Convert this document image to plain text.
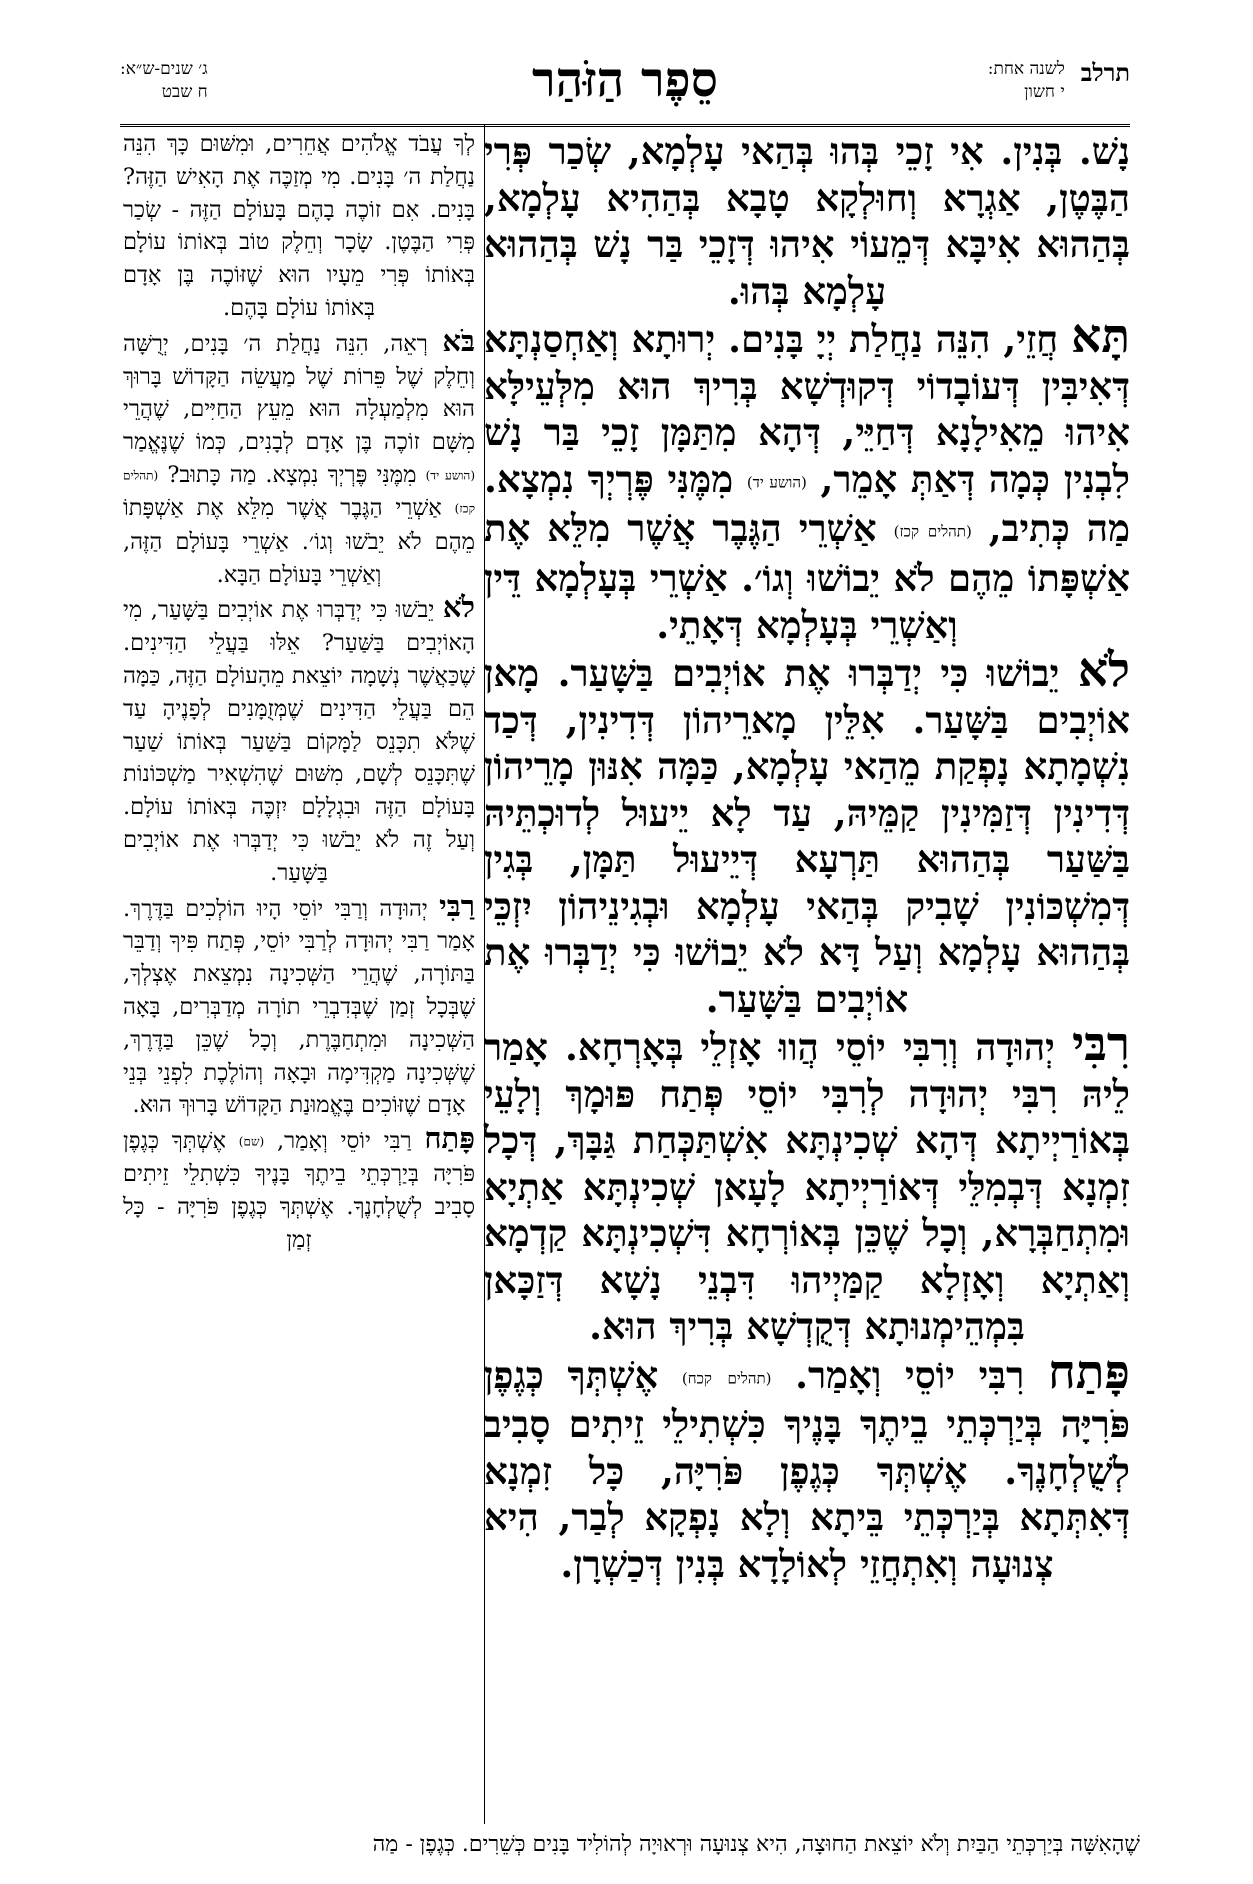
תרלב
לשנה אחת:
י חשון
סֵפֶר הַזֹּהַר
ג׳ שנים-ש״א:
ח שבט

נָשׁ. בְּנִין. אִי זָכֵי בְּהוּ בְּהַאי עָלְמָא, שְׂכַר פְּרִי הַבֶּטֶן, אַגְרָא וְחוּלְקָא טָבָא בְּהַהִיא עָלְמָא, בְּהַהוּא אִיבָּא דְּמֵעוֹי אִיהוּ דְּזָכֵי בַּר נָשׁ בְּהַהוּא עָלְמָא בְּהוּ.

תָּא חֲזֵי, הִנֵּה נַחֲלַת יְיָ בָּנִים. יְרוּתָא וְאַחְסַנְתָּא דְּאִיבִּין דְּעוֹבָדוֹי דְּקוּדְשָׁא בְּרִיךְ הוּא מִלְּעֵילָּא אִיהוּ מֵאִילָנָא דְּחַיֵּי, דְּהָא מִתַּמָּן זָכֵי בַּר נָשׁ לִבְנִין כְּמָה דְּאַתְּ אָמֵר, (הושע יד) מִמֶּנִּי פֶּרְיְךָ נִמְצָא. מַה כְּתִיב, (תהלים קכז) אַשְׁרֵי הַגֶּבֶר אֲשֶׁר מִלֵּא אֶת אַשְׁפָּתוֹ מֵהֶם לֹא יֵבוֹשׁוּ וְגוֹ׳. אַשְׁרֵי בְּעָלְמָא דֵּין וְאַשְׁרֵי בְּעָלְמָא דְּאָתֵי.

לֹא יֵבוֹשׁוּ כִּי יְדַבְּרוּ אֶת אוֹיְבִים בַּשָּׁעַר. מָאן אוֹיְבִים בַּשָּׁעַר. אִלֵּין מָארֵיהוֹן דְּדִינִין, דְּכַד נִשְׁמָתָא נָפְקַת מֵהַאי עָלְמָא, כַּמָּה אִנּוּן מָרֵיהוֹן דְּדִינִין דְּזַמִּינִין קַמֵּיהּ, עַד לָא יֵיעוּל לְדוּכְתֵּיהּ בַּשַּׁעַר בְּהַהוּא תַּרְעָא דְּיֵיעוּל תַּמָּן, בְּגִין דְּמִשְׁכּוֹנִין שָׁבִיק בְּהַאי עָלְמָא וּבְגִינֵיהוֹן יִזְכֵּי בְּהַהוּא עָלְמָא וְעַל דָּא לֹא יֵבוֹשׁוּ כִּי יְדַבְּרוּ אֶת אוֹיְבִים בַּשָּׁעַר.

רִבִּי יְהוּדָה וְרִבִּי יוֹסֵי הֲווּ אָזְלֵי בְּאָרְחָא. אָמַר לֵיהּ רִבִּי יְהוּדָה לְרִבִּי יוֹסֵי פְּתַח פּוּמָךְ וְלָעֵי בְּאוֹרַיְיתָא דְּהָא שְׁכִינְתָּא אִשְׁתַּכְּחַת גַּבָּךְ, דְּכָל זִמְנָא דְּבְמִלֵּי דְּאוֹרַיְיתָא לָעָאן שְׁכִינְתָּא אַתְיָא וּמִתְחַבְּרָא, וְכָל שֶׁכֵּן בְּאוֹרְחָא דִּשְׁכִינְתָּא קַדְמָא וְאַתְיָא וְאָזְלָא קַמַּיְיהוּ דִּבְנֵי נָשָׁא דְּזַכָּאן בִּמְהֵימְנוּתָא דְּקֻדְשָׁא בְּרִיךְ הוּא.

פָּתַח רִבִּי יוֹסֵי וְאָמַר. (תהלים קכח) אֶשְׁתְּךָ כְּגֶפֶן פֹּרִיָּה בְּיַרְכְּתֵי בֵיתֶךָ בָּנֶיךָ כִּשְׁתִילֵי זֵיתִים סָבִיב לְשֻׁלְחָנֶךָ. אֶשְׁתְּךָ כְּגֶפֶן פֹּרִיָּה, כָּל זִמְנָא דְּאִתְּתָא בְּיַרְכְּתֵי בֵּיתָא וְלָא נָפְקָא לְבַר, הִיא צְנוּעָה וְאִתְחֲזֵי לְאוֹלָדָא בְּנִין דְּכַשְׁרָן.

לְךָ עֲבֹד אֱלֹהִים אֲחֵרִים, וּמִשּׁוּם כָּךְ הִנֵּה נַחֲלַת ה׳ בָּנִים. מִי מְזַכֶּה אֶת הָאִישׁ הַזֶּה? בָּנִים. אִם זוֹכֶה בָהֶם בָּעוֹלָם הַזֶּה - שְׂכַר פְּרִי הַבֶּטֶן. שָׂכָר וְחֵלֶק טוֹב בְּאוֹתוֹ עוֹלָם בְּאוֹתוֹ פְּרִי מֵעָיו הוּא שֶׁזּוֹכֶה בֶּן אָדָם בְּאוֹתוֹ עוֹלָם בָּהֶם.

בֹּא רְאֵה, הִנֵּה נַחֲלַת ה׳ בָּנִים, יְרֻשָּׁה וְחֵלֶק שֶׁל פֵּרוֹת שֶׁל מַעֲשֵׂה הַקָּדוֹשׁ בָּרוּךְ הוּא מִלְמַעְלָה הוּא מֵעֵץ הַחַיִּים, שֶׁהֲרֵי מִשָּׁם זוֹכֶה בֶּן אָדָם לְבָנִים, כְּמוֹ שֶׁנֶּאֱמַר (הושע יד) מִמֶּנִּי פֶּרְיְךָ נִמְצָא. מַה כָּתוּב? (תהלים קכז) אַשְׁרֵי הַגֶּבֶר אֲשֶׁר מִלֵּא אֶת אַשְׁפָּתוֹ מֵהֶם לֹא יֵבֹשׁוּ וְגוֹ׳. אַשְׁרֵי בָּעוֹלָם הַזֶּה, וְאַשְׁרֵי בָּעוֹלָם הַבָּא.

לֹא יֵבֹשׁוּ כִּי יְדַבְּרוּ אֶת אוֹיְבִים בַּשָּׁעַר, מִי הָאוֹיְבִים בַּשַּׁעַר? אֵלּוּ בַּעֲלֵי הַדִּינִים. שֶׁכַּאֲשֶׁר נְשָׁמָה יוֹצֵאת מֵהָעוֹלָם הַזֶּה, כַּמָּה הֵם בַּעֲלֵי הַדִּינִים שֶׁמְּזֻמָּנִים לְפָנֶיהָ עַד שֶׁלֹּא תִכָּנֵס לַמָּקוֹם בַּשַּׁעַר בְּאוֹתוֹ שַׁעַר שֶׁתִּכָּנֵס לְשָׁם, מִשּׁוּם שֶׁהִשְׁאִיר מַשְׁכּוֹנוֹת בָּעוֹלָם הַזֶּה וּבִגְלָלָם יִזְכֶּה בְּאוֹתוֹ עוֹלָם. וְעַל זֶה לֹא יֵבֹשׁוּ כִּי יְדַבְּרוּ אֶת אוֹיְבִים בַּשָּׁעַר.

רַבִּי יְהוּדָה וְרַבִּי יוֹסֵי הָיוּ הוֹלְכִים בַּדֶּרֶךְ. אָמַר רַבִּי יְהוּדָה לְרַבִּי יוֹסֵי, פְּתַח פִּיךָ וְדַבֵּר בַּתּוֹרָה, שֶׁהֲרֵי הַשְּׁכִינָה נִמְצֵאת אֶצְלְךָ, שֶׁבְּכָל זְמַן שֶׁבְּדִבְרֵי תוֹרָה מְדַבְּרִים, בָּאָה הַשְּׁכִינָה וּמִתְחַבֶּרֶת, וְכָל שֶׁכֵּן בַּדֶּרֶךְ, שֶׁשְּׁכִינָה מַקְדִּימָה וּבָאָה וְהוֹלֶכֶת לִפְנֵי בְּנֵי אָדָם שֶׁזּוֹכִים בֶּאֱמוּנַת הַקָּדוֹשׁ בָּרוּךְ הוּא.

פָּתַח רַבִּי יוֹסֵי וְאָמַר, (שם) אֶשְׁתְּךָ כְּגֶפֶן פֹּרִיָּה בְּיַרְכְּתֵי בֵיתֶךָ בָּנֶיךָ כִּשְׁתִלֵי זֵיתִים סָבִיב לְשֻׁלְחָנֶךָ. אֶשְׁתְּךָ כְּגֶפֶן פֹּרִיָּה - כָּל זְמַן

שֶׁהָאִשָּׁה בְּיַרְכְּתֵי הַבַּיִת וְלֹא יוֹצֵאת הַחוּצָה, הִיא צְנוּעָה וּרְאוּיָה לְהוֹלִיד בָּנִים כְּשֵׁרִים. כְּגֶפֶן - מַה
